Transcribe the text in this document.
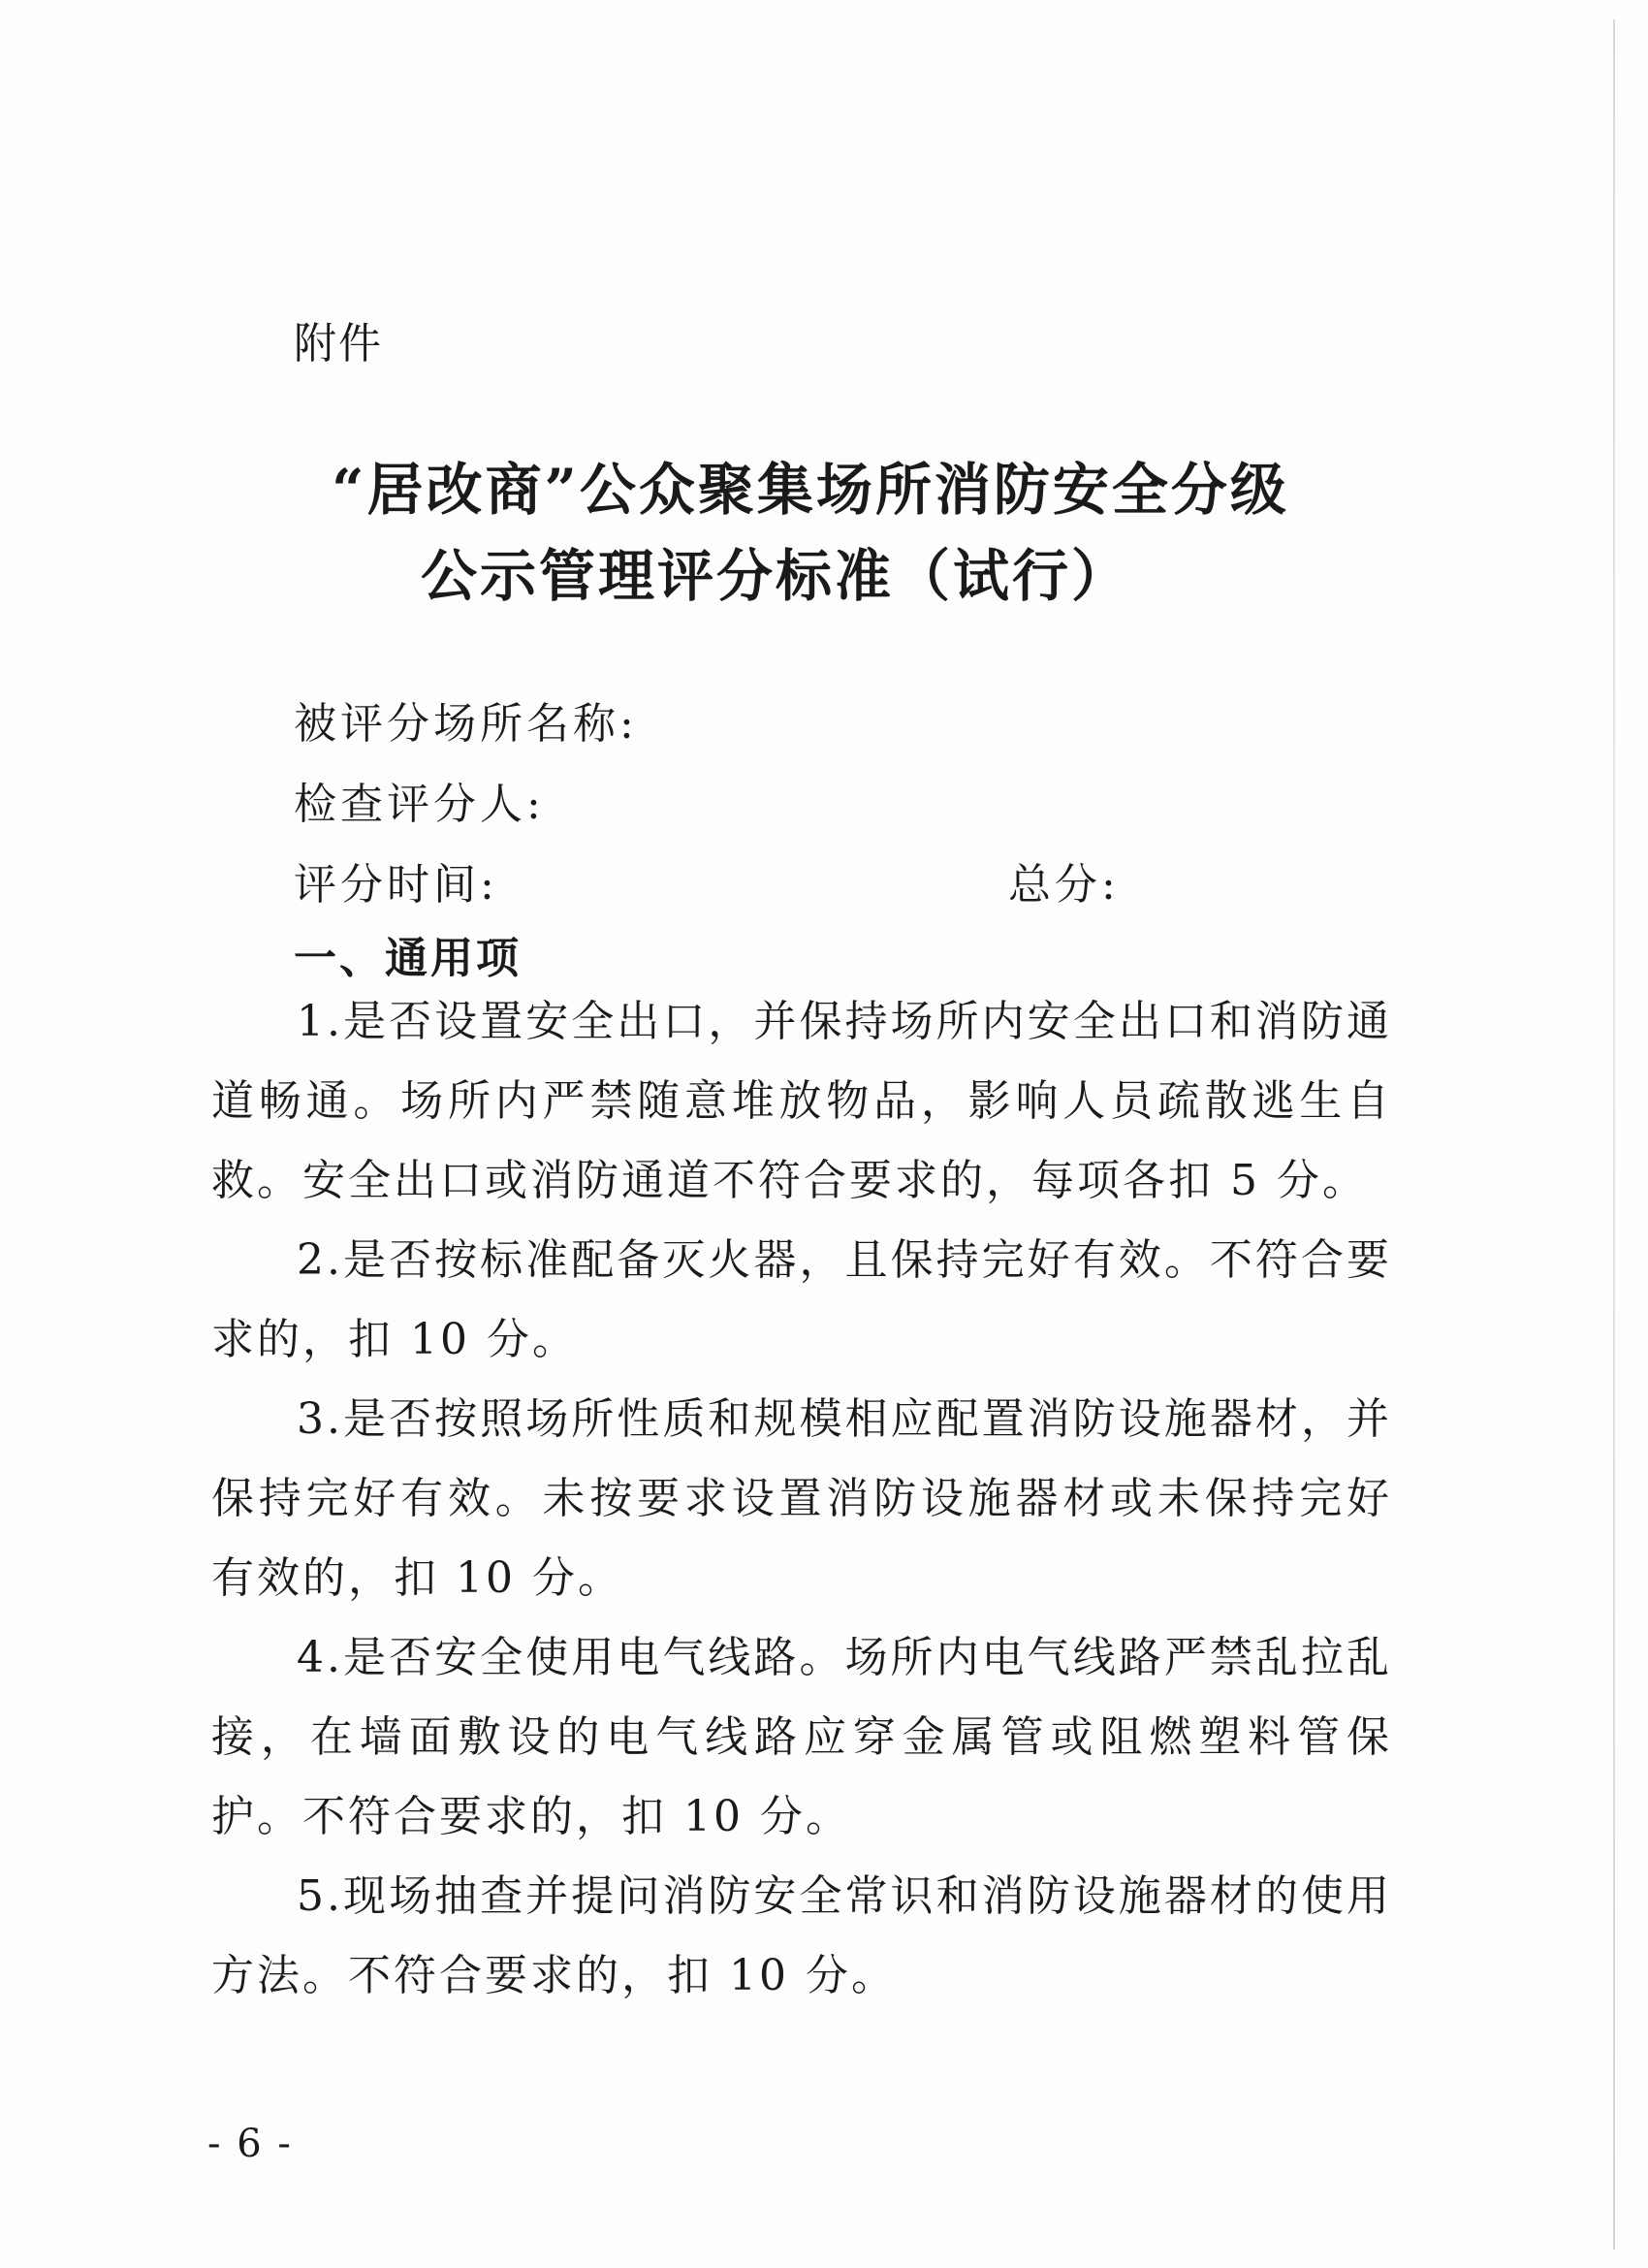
附件
“居改商”公众聚集场所消防安全分级
公示管理评分标准（试行）
被评分场所名称:
检查评分人:
评分时间:	总分:
一、通用项

1.是否设置安全出口，并保持场所内安全出口和消防通道畅通。场所内严禁随意堆放物品，影响人员疏散逃生自救。安全出口或消防通道不符合要求的，每项各扣 5 分。

2.是否按标准配备灭火器，且保持完好有效。不符合要求的，扣 10 分。

3.是否按照场所性质和规模相应配置消防设施器材，并保持完好有效。未按要求设置消防设施器材或未保持完好有效的，扣 10 分。

4.是否安全使用电气线路。场所内电气线路严禁乱拉乱接，在墙面敷设的电气线路应穿金属管或阻燃塑料管保护。不符合要求的，扣 10 分。

5.现场抽查并提问消防安全常识和消防设施器材的使用方法。不符合要求的，扣 10 分。

- 6 -
